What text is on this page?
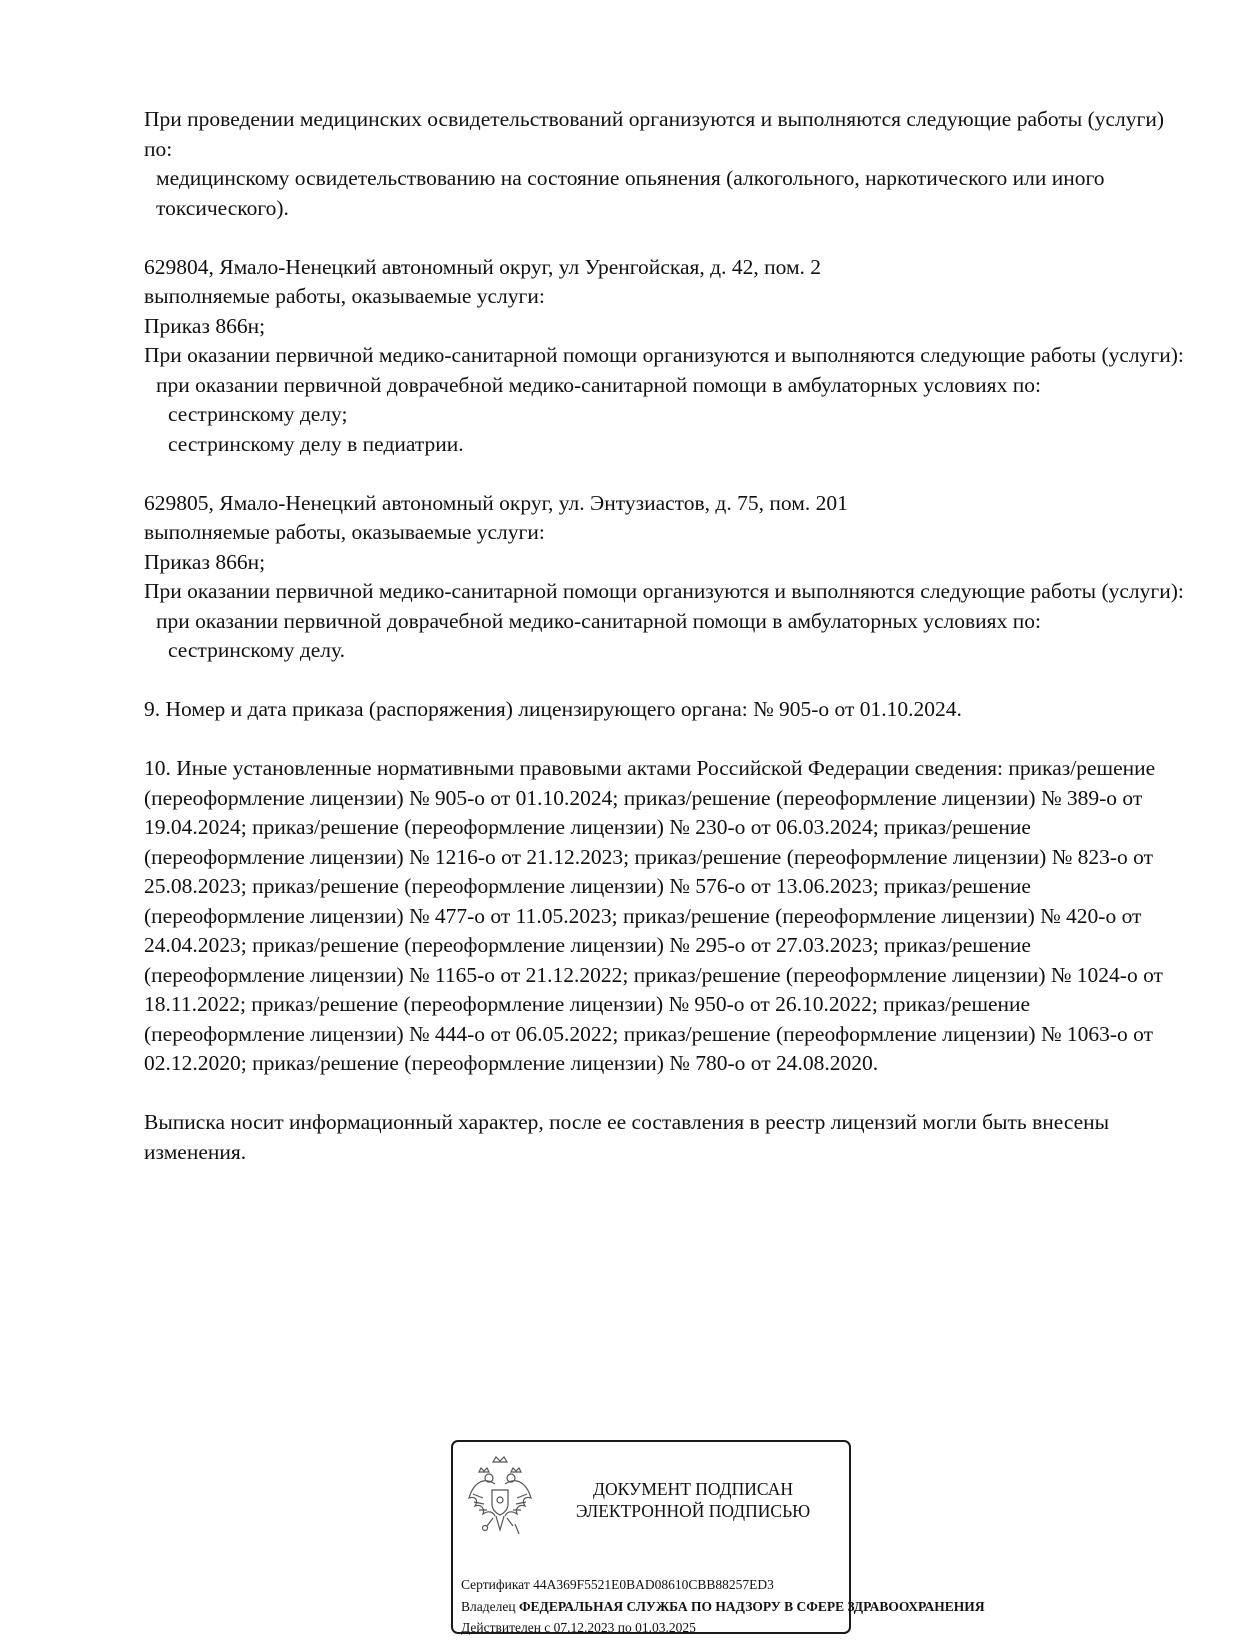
При проведении медицинских освидетельствований организуются и выполняются следующие работы (услуги) по:

медицинскому освидетельствованию на состояние опьянения (алкогольного, наркотического или иного токсического).

629804, Ямало-Ненецкий автономный округ, ул Уренгойская, д. 42, пом. 2

выполняемые работы, оказываемые услуги:

Приказ 866н;

При оказании первичной медико-санитарной помощи организуются и выполняются следующие работы (услуги):

при оказании первичной доврачебной медико-санитарной помощи в амбулаторных условиях по:

сестринскому делу;

сестринскому делу в педиатрии.

629805, Ямало-Ненецкий автономный округ, ул. Энтузиастов, д. 75, пом. 201

выполняемые работы, оказываемые услуги:

Приказ 866н;

При оказании первичной медико-санитарной помощи организуются и выполняются следующие работы (услуги):

при оказании первичной доврачебной медико-санитарной помощи в амбулаторных условиях по:

сестринскому делу.

9. Номер и дата приказа (распоряжения) лицензирующего органа: № 905-о от 01.10.2024.

10. Иные установленные нормативными правовыми актами Российской Федерации сведения: приказ/решение (переоформление лицензии) № 905-о от 01.10.2024; приказ/решение (переоформление лицензии) № 389-о от 19.04.2024; приказ/решение (переоформление лицензии) № 230-о от 06.03.2024; приказ/решение (переоформление лицензии) № 1216-о от 21.12.2023; приказ/решение (переоформление лицензии) № 823-о от 25.08.2023; приказ/решение (переоформление лицензии) № 576-о от 13.06.2023; приказ/решение (переоформление лицензии) № 477-о от 11.05.2023; приказ/решение (переоформление лицензии) № 420-о от 24.04.2023; приказ/решение (переоформление лицензии) № 295-о от 27.03.2023; приказ/решение (переоформление лицензии) № 1165-о от 21.12.2022; приказ/решение (переоформление лицензии) № 1024-о от 18.11.2022; приказ/решение (переоформление лицензии) № 950-о от 26.10.2022; приказ/решение (переоформление лицензии) № 444-о от 06.05.2022; приказ/решение (переоформление лицензии) № 1063-о от 02.12.2020; приказ/решение (переоформление лицензии) № 780-о от 24.08.2020.

Выписка носит информационный характер, после ее составления в реестр лицензий могли быть внесены изменения.

ДОКУМЕНТ ПОДПИСАН
ЭЛЕКТРОННОЙ ПОДПИСЬЮ
Сертификат 44A369F5521E0BAD08610CBB88257ED3
Владелец ФЕДЕРАЛЬНАЯ СЛУЖБА ПО НАДЗОРУ В СФЕРЕ ЗДРАВООХРАНЕНИЯ
Действителен с 07.12.2023 по 01.03.2025
